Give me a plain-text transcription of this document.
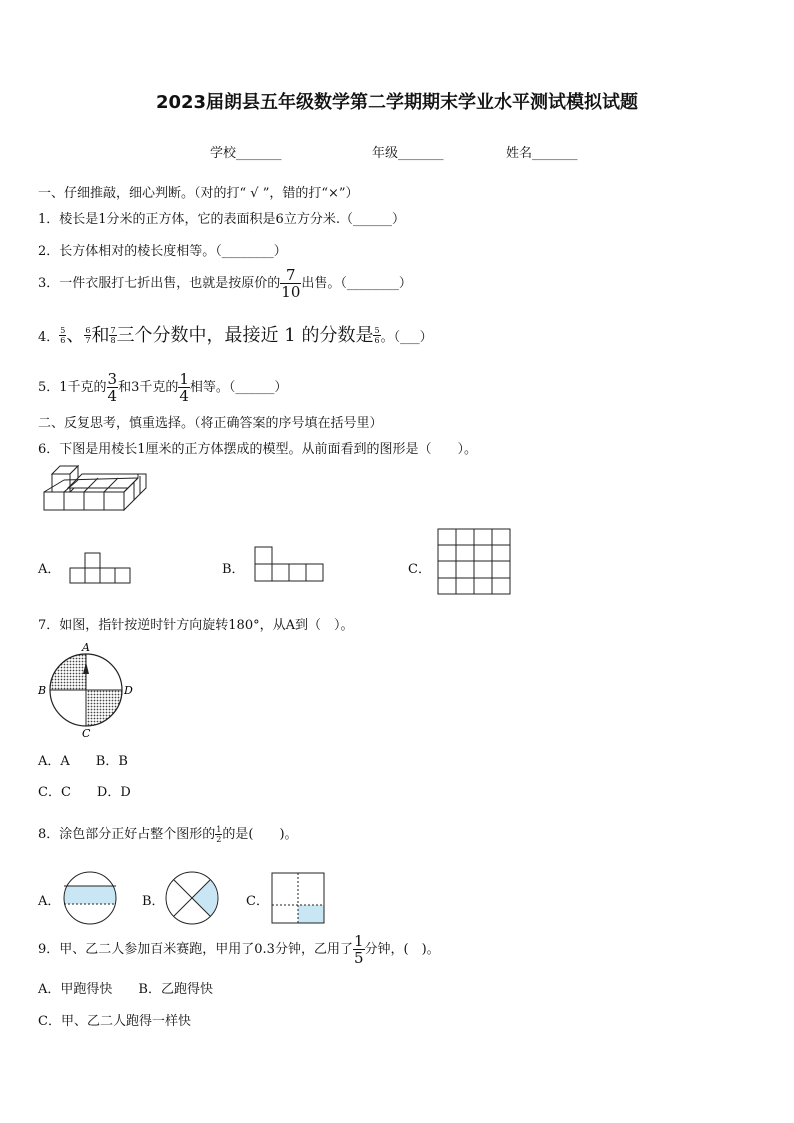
2023届朗县五年级数学第二学期期末学业水平测试模拟试题
学校_______	年级_______	姓名_______
一、仔细推敲，细心判断。（对的打“ √ ”，错的打“×”）
1．棱长是1分米的正方体，它的表面积是6立方分米.（______）
2．长方体相对的棱长度相等。（________）
3．一件衣服打七折出售，也就是按原价的 $\frac{7}{10}$ 出售。（________）
4． $\frac{5}{6}$ 、 $\frac{6}{7}$ 和 $\frac{7}{8}$ 三个分数中，最接近 1 的分数是 $\frac{5}{6}$ 。（___）
5．1千克的 $\frac{3}{4}$ 和3千克的 $\frac{1}{4}$ 相等。（______）
二、反复思考，慎重选择。（将正确答案的序号填在括号里）
6．下图是用棱长1厘米的正方体摆成的模型。从前面看到的图形是（　　）。
A．	B．	C．
7．如图，指针按逆时针方向旋转180°，从A到（　）。
A
B	D
C
A．A　　B．B
C．C　　D．D
8．涂色部分正好占整个图形的 $\frac{1}{2}$ 的是(　　)。
A．	B．	C．
9．甲、乙二人参加百米赛跑，甲用了0.3分钟，乙用了 $\frac{1}{5}$ 分钟，(　)。
A．甲跑得快　　B．乙跑得快
C．甲、乙二人跑得一样快
